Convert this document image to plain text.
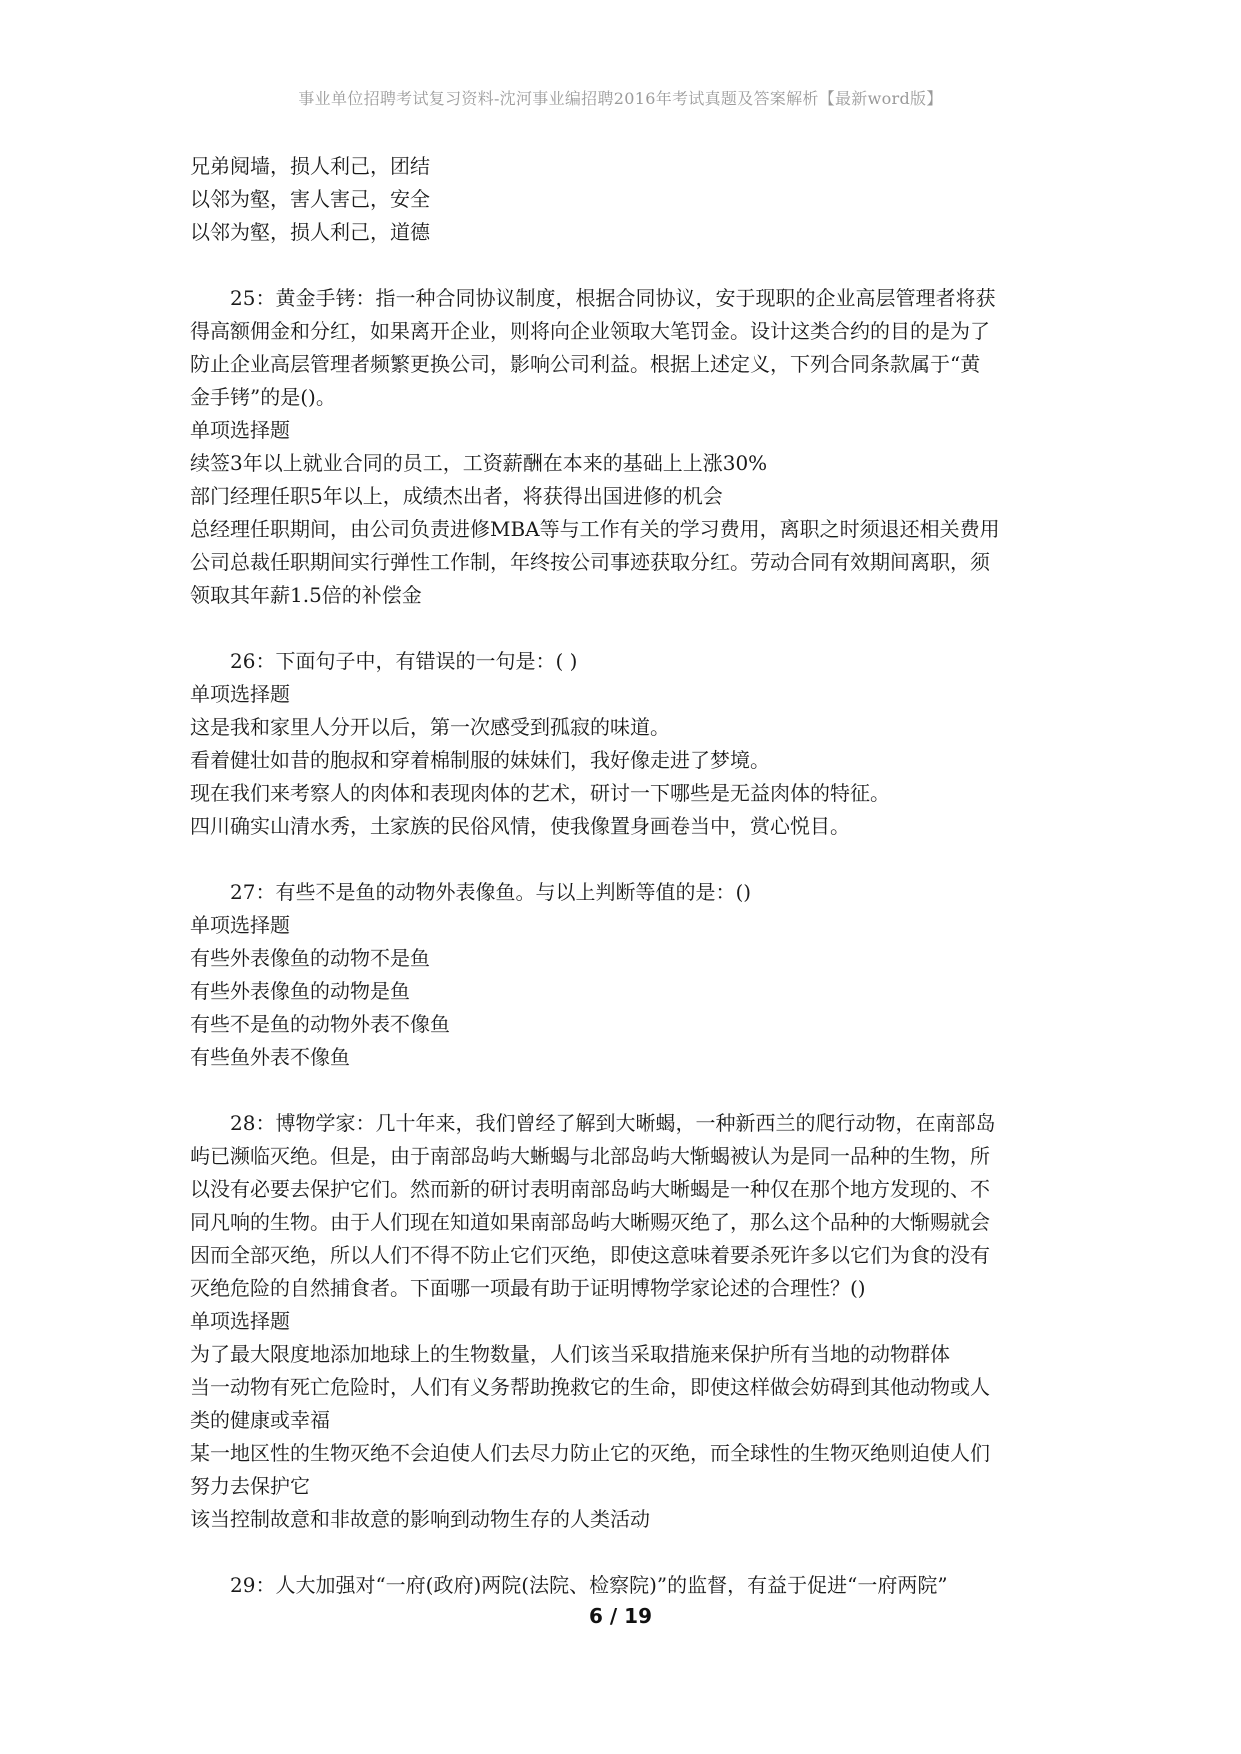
事业单位招聘考试复习资料-沈河事业编招聘2016年考试真题及答案解析【最新word版】

兄弟阋墙，损人利己，团结

以邻为壑，害人害己，安全

以邻为壑，损人利己，道德

25：黄金手铐：指一种合同协议制度，根据合同协议，安于现职的企业高层管理者将获

得高额佣金和分红，如果离开企业，则将向企业领取大笔罚金。设计这类合约的目的是为了

防止企业高层管理者频繁更换公司，影响公司利益。根据上述定义，下列合同条款属于“黄

金手铐”的是()。

单项选择题

续签3年以上就业合同的员工，工资薪酬在本来的基础上上涨30%

部门经理任职5年以上，成绩杰出者，将获得出国进修的机会

总经理任职期间，由公司负责进修MBA等与工作有关的学习费用，离职之时须退还相关费用

公司总裁任职期间实行弹性工作制，年终按公司事迹获取分红。劳动合同有效期间离职，须

领取其年薪1.5倍的补偿金

26：下面句子中，有错误的一句是：( )

单项选择题

这是我和家里人分开以后，第一次感受到孤寂的味道。

看着健壮如昔的胞叔和穿着棉制服的妹妹们，我好像走进了梦境。

现在我们来考察人的肉体和表现肉体的艺术，研讨一下哪些是无益肉体的特征。

四川确实山清水秀，土家族的民俗风情，使我像置身画卷当中，赏心悦目。

27：有些不是鱼的动物外表像鱼。与以上判断等值的是：()

单项选择题

有些外表像鱼的动物不是鱼

有些外表像鱼的动物是鱼

有些不是鱼的动物外表不像鱼

有些鱼外表不像鱼

28：博物学家：几十年来，我们曾经了解到大晰蝎，一种新西兰的爬行动物，在南部岛

屿已濒临灭绝。但是，由于南部岛屿大蜥蝎与北部岛屿大惭蝎被认为是同一品种的生物，所

以没有必要去保护它们。然而新的研讨表明南部岛屿大晰蝎是一种仅在那个地方发现的、不

同凡响的生物。由于人们现在知道如果南部岛屿大晰赐灭绝了，那么这个品种的大惭赐就会

因而全部灭绝，所以人们不得不防止它们灭绝，即使这意味着要杀死许多以它们为食的没有

灭绝危险的自然捕食者。下面哪一项最有助于证明博物学家论述的合理性？()

单项选择题

为了最大限度地添加地球上的生物数量，人们该当采取措施来保护所有当地的动物群体

当一动物有死亡危险时，人们有义务帮助挽救它的生命，即使这样做会妨碍到其他动物或人

类的健康或幸福

某一地区性的生物灭绝不会迫使人们去尽力防止它的灭绝，而全球性的生物灭绝则迫使人们

努力去保护它

该当控制故意和非故意的影响到动物生存的人类活动

29：人大加强对“一府(政府)两院(法院、检察院)”的监督，有益于促进“一府两院”

6 / 19
